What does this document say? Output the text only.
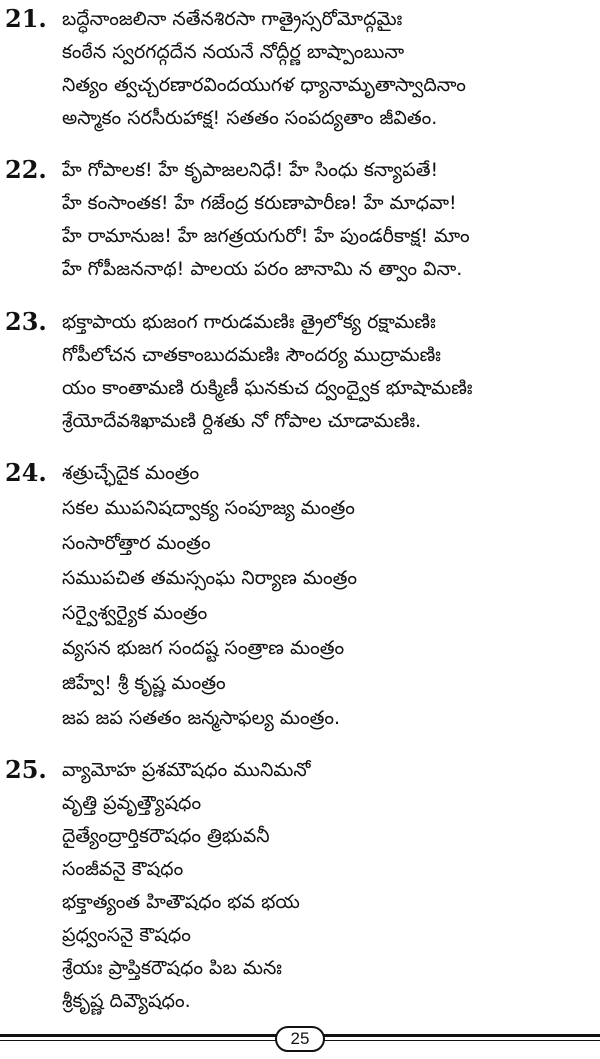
21. బద్ధేనాంజలినా నతేనశిరసా గాత్రైస్సరోమోద్గమైః
కంఠేన స్వరగద్గదేన నయనే నోద్గీర్ణ బాష్పాంబునా
నిత్యం త్వచ్చరణారవిందయుగళ ధ్యానామృతాస్వాదినాం
అస్మాకం సరసీరుహాక్ష! సతతం సంపద్యతాం జీవితం.
22. హే గోపాలక! హే కృపాజలనిధే! హే సింధు కన్యాపతే!
హే కంసాంతక! హే గజేంద్ర కరుణాపారీణ! హే మాధవా!
హే రామానుజ! హే జగత్రయగురో! హే పుండరీకాక్ష! మాం
హే గోపీజననాథ! పాలయ పరం జానామి న త్వాం వినా.
23. భక్తాపాయ భుజంగ గారుడమణిః త్రైలోక్య రక్షామణిః
గోపీలోచన చాతకాంబుదమణిః సౌందర్య ముద్రామణిః
యం కాంతామణి రుక్మిణీ ఘనకుచ ద్వంద్వైక భూషామణిః
శ్రేయోదేవశిఖామణి ర్దిశతు నో గోపాల చూడామణిః.
24. శత్రుచ్ఛేదైక మంత్రం
సకల ముపనిషద్వాక్య సంపూజ్య మంత్రం
సంసారోత్తార మంత్రం
సముపచిత తమస్సంఘ నిర్యాణ మంత్రం
సర్వైశ్వర్యైక మంత్రం
వ్యసన భుజగ సందష్ట సంత్రాణ మంత్రం
జిహ్వే! శ్రీ కృష్ణ మంత్రం
జప జప సతతం జన్మసాఫల్య మంత్రం.
25. వ్యామోహ ప్రశమౌషధం మునిమనో
వృత్తి ప్రవృత్త్యౌషధం
దైత్యేంద్రార్తికరౌషధం త్రిభువనీ
సంజీవనై కౌషధం
భక్తాత్యంత హితౌషధం భవ భయ
ప్రధ్వంసనై కౌషధం
శ్రేయః ప్రాప్తికరౌషధం పిబ మనః
శ్రీకృష్ణ దివ్యౌషధం.
25
